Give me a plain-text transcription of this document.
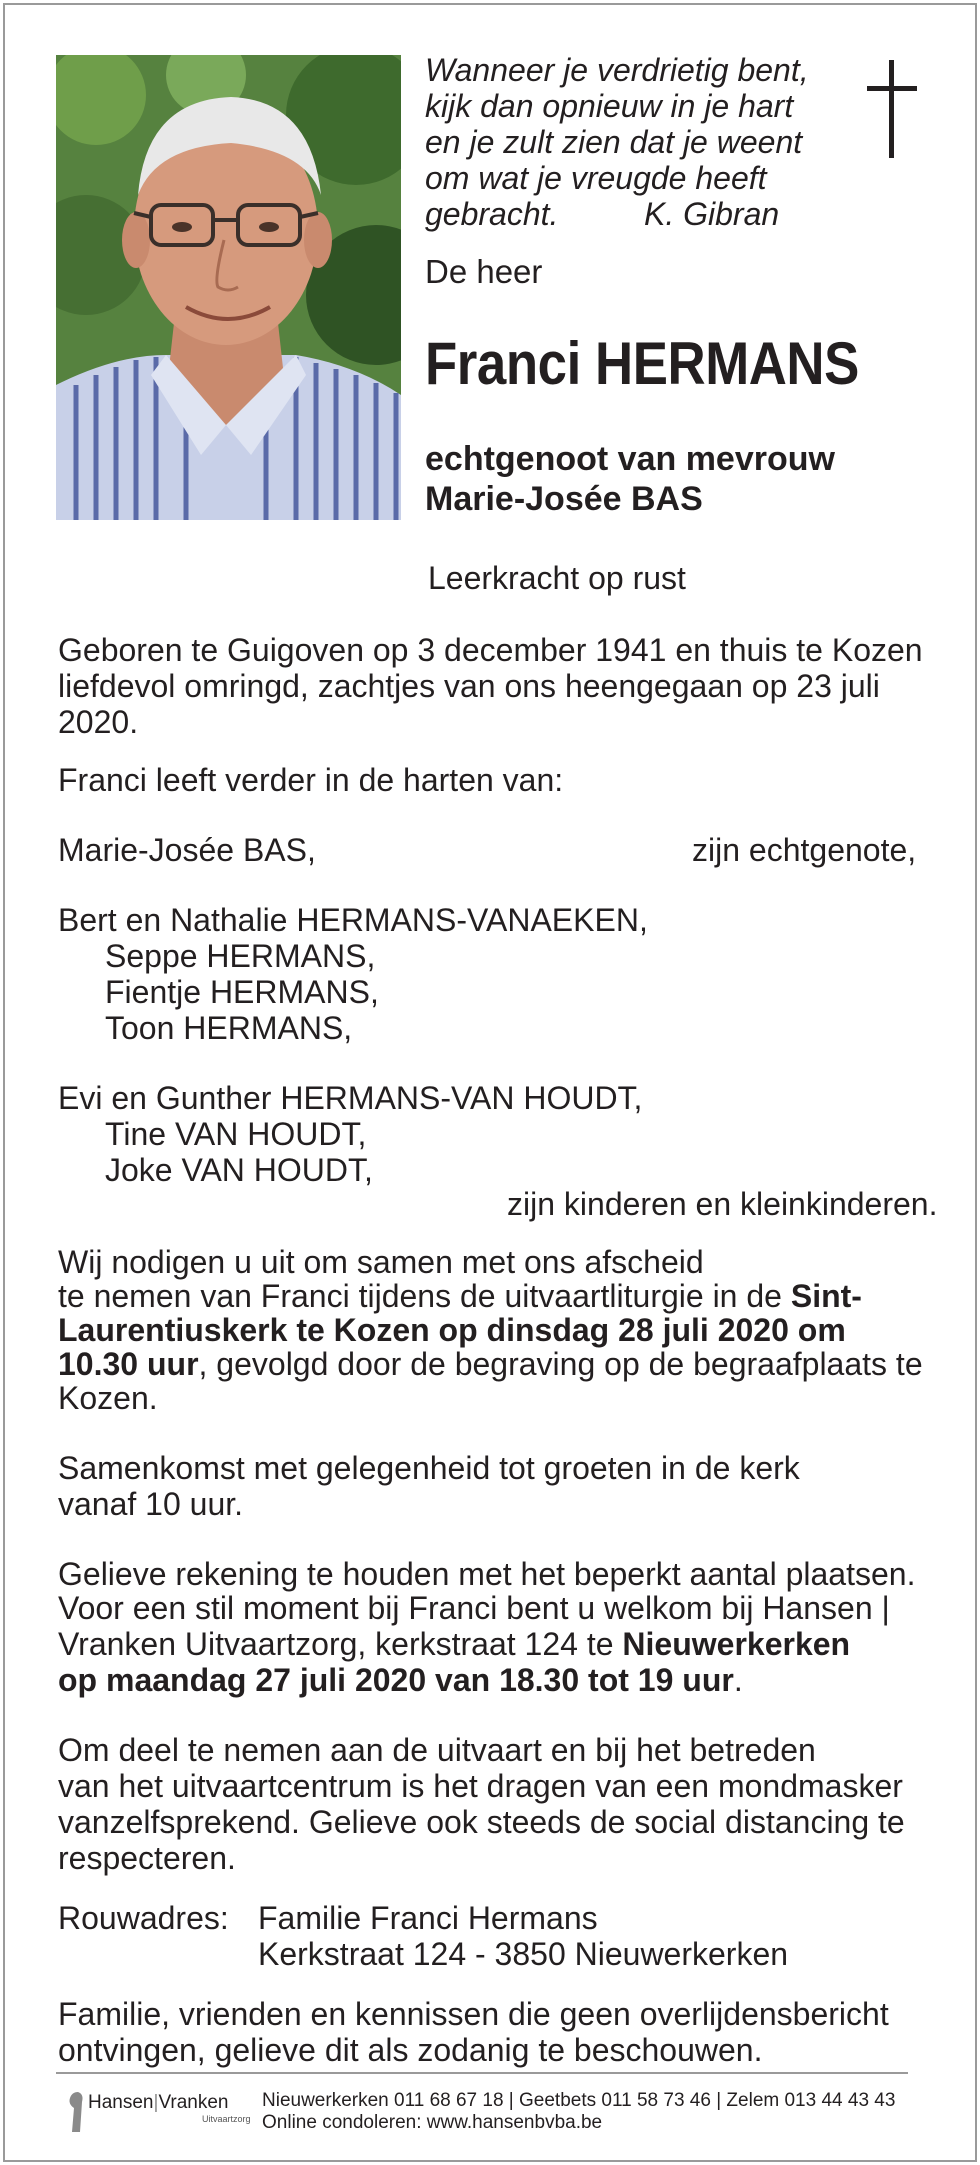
Wanneer je verdrietig bent,
kijk dan opnieuw in je hart
en je zult zien dat je weent
om wat je vreugde heeft
gebracht.	K. Gibran
De heer
Franci HERMANS
echtgenoot van mevrouw
Marie-Josée BAS
Leerkracht op rust
Geboren te Guigoven op 3 december 1941 en thuis te Kozen
liefdevol omringd, zachtjes van ons heengegaan op 23 juli
2020.
Franci leeft verder in de harten van:
Marie-Josée BAS,	zijn echtgenote,
Bert en Nathalie HERMANS-VANAEKEN,
Seppe HERMANS,
Fientje HERMANS,
Toon HERMANS,
Evi en Gunther HERMANS-VAN HOUDT,
Tine VAN HOUDT,
Joke VAN HOUDT,
zijn kinderen en kleinkinderen.
Wij nodigen u uit om samen met ons afscheid
te nemen van Franci tijdens de uitvaartliturgie in de Sint-
Laurentiuskerk te Kozen op dinsdag 28 juli 2020 om
10.30 uur, gevolgd door de begraving op de begraafplaats te
Kozen.
Samenkomst met gelegenheid tot groeten in de kerk
vanaf 10 uur.
Gelieve rekening te houden met het beperkt aantal plaatsen.
Voor een stil moment bij Franci bent u welkom bij Hansen |
Vranken Uitvaartzorg, kerkstraat 124 te Nieuwerkerken
op maandag 27 juli 2020 van 18.30 tot 19 uur.
Om deel te nemen aan de uitvaart en bij het betreden
van het uitvaartcentrum is het dragen van een mondmasker
vanzelfsprekend. Gelieve ook steeds de social distancing te
respecteren.
Rouwadres: Familie Franci Hermans
Kerkstraat 124 - 3850 Nieuwerkerken
Familie, vrienden en kennissen die geen overlijdensbericht
ontvingen, gelieve dit als zodanig te beschouwen.
Hansen|Vranken
Uitvaartzorg
Nieuwerkerken 011 68 67 18 | Geetbets 011 58 73 46 | Zelem 013 44 43 43
Online condoleren: www.hansenbvba.be
